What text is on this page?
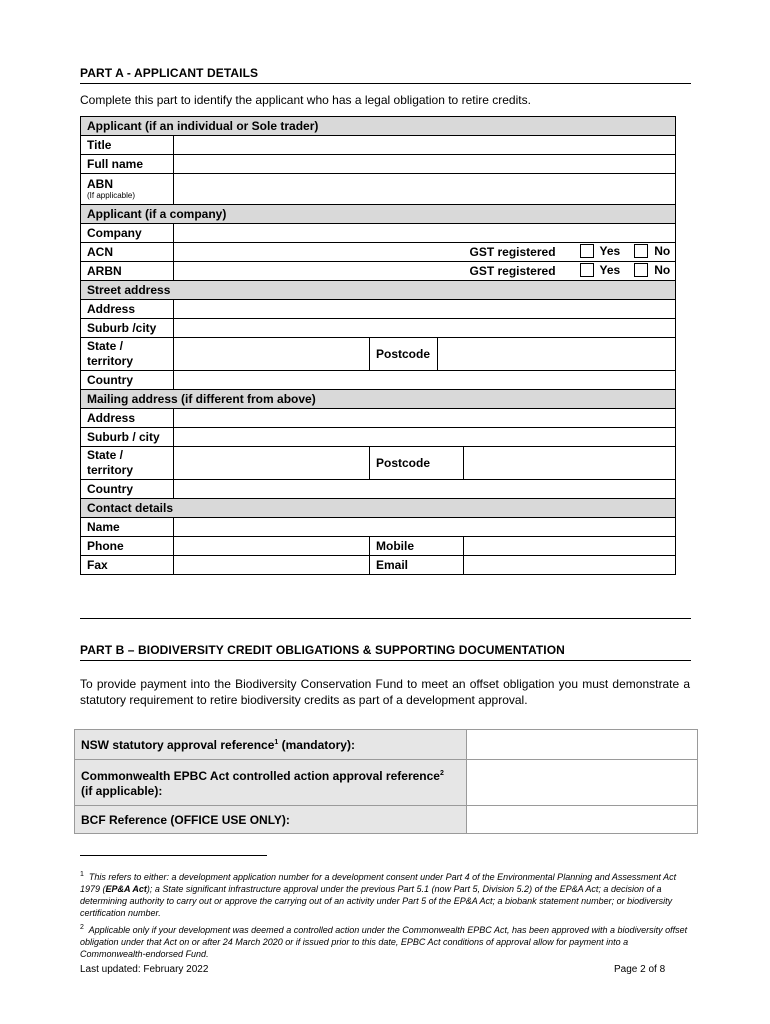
PART A - APPLICANT DETAILS
Complete this part to identify the applicant who has a legal obligation to retire credits.
Applicant (if an individual or Sole trader)					
Title					
Full name					

ABN
(If applicable)					

Applicant (if a company)					
Company					
ACN				GST registered	Yes No

ARBN				GST registered	Yes No

Street address					
Address					
Suburb /city					

State /
territory		Postcode			
Country					
Mailing address (if different from above)					
Address					
Suburb / city					

State /
territory		Postcode			
Country					
Contact details					
Name					
Phone		Mobile			
Fax		Email			
PART B – BIODIVERSITY CREDIT OBLIGATIONS & SUPPORTING DOCUMENTATION
To provide payment into the Biodiversity Conservation Fund to meet an offset obligation you must demonstrate a statutory requirement to retire biodiversity credits as part of a development approval.
NSW statutory approval reference$^1$ (mandatory):	
Commonwealth EPBC Act controlled action approval reference$^2$
(if applicable):	
BCF Reference (OFFICE USE ONLY):	
$^1$ This refers to either: a development application number for a development consent under Part 4 of the Environmental Planning and Assessment Act 1979 (EP&A Act); a State significant infrastructure approval under the previous Part 5.1 (now Part 5, Division 5.2) of the EP&A Act; a decision of a determining authority to carry out or approve the carrying out of an activity under Part 5 of the EP&A Act; a biobank statement number; or biodiversity certification number.
$^2$ Applicable only if your development was deemed a controlled action under the Commonwealth EPBC Act, has been approved with a biodiversity offset obligation under that Act on or after 24 March 2020 or if issued prior to this date, EPBC Act conditions of approval allow for payment into a Commonwealth-endorsed Fund.
Last updated: February 2022	Page 2 of 8
